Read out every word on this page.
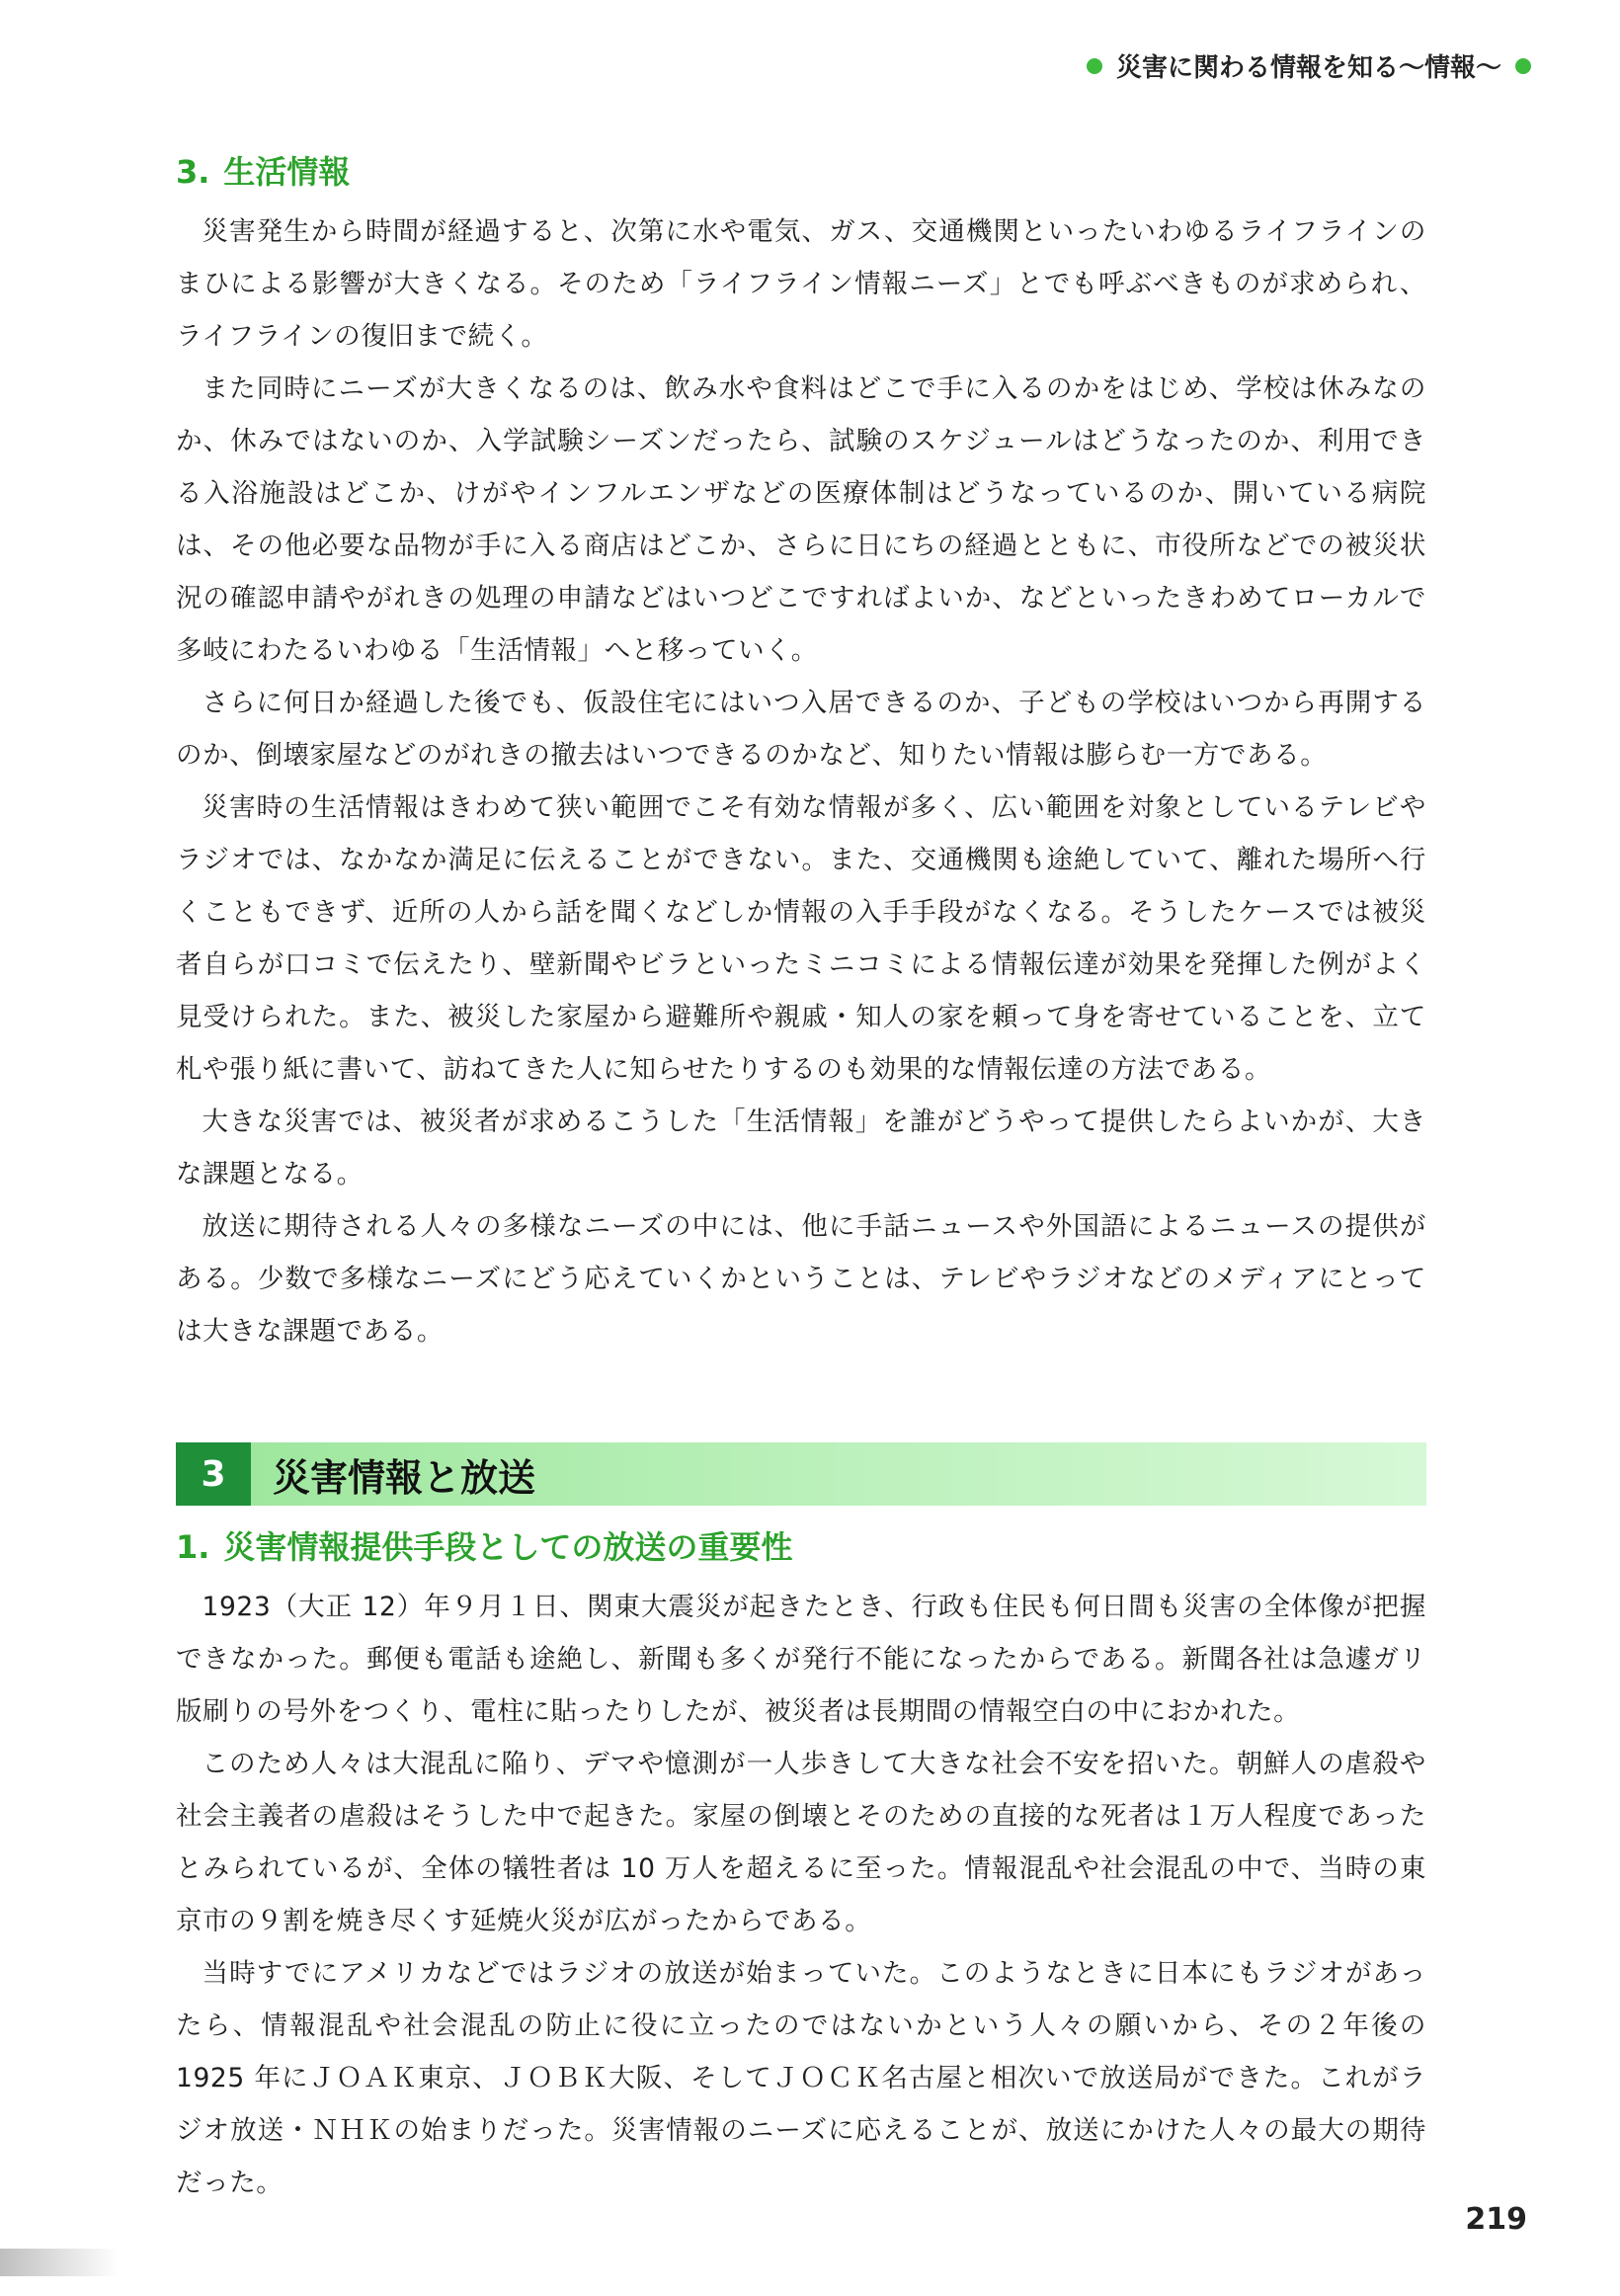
災害に関わる情報を知る～情報～
3. 生活情報

災害発生から時間が経過すると、次第に水や電気、ガス、交通機関といったいわゆるライフラインのまひによる影響が大きくなる。そのため「ライフライン情報ニーズ」とでも呼ぶべきものが求められ、ライフラインの復旧まで続く。

また同時にニーズが大きくなるのは、飲み水や食料はどこで手に入るのかをはじめ、学校は休みなのか、休みではないのか、入学試験シーズンだったら、試験のスケジュールはどうなったのか、利用できる入浴施設はどこか、けがやインフルエンザなどの医療体制はどうなっているのか、開いている病院は、その他必要な品物が手に入る商店はどこか、さらに日にちの経過とともに、市役所などでの被災状況の確認申請やがれきの処理の申請などはいつどこですればよいか、などといったきわめてローカルで多岐にわたるいわゆる「生活情報」へと移っていく。

さらに何日か経過した後でも、仮設住宅にはいつ入居できるのか、子どもの学校はいつから再開するのか、倒壊家屋などのがれきの撤去はいつできるのかなど、知りたい情報は膨らむ一方である。

災害時の生活情報はきわめて狭い範囲でこそ有効な情報が多く、広い範囲を対象としているテレビやラジオでは、なかなか満足に伝えることができない。また、交通機関も途絶していて、離れた場所へ行くこともできず、近所の人から話を聞くなどしか情報の入手手段がなくなる。そうしたケースでは被災者自らが口コミで伝えたり、壁新聞やビラといったミニコミによる情報伝達が効果を発揮した例がよく見受けられた。また、被災した家屋から避難所や親戚・知人の家を頼って身を寄せていることを、立て札や張り紙に書いて、訪ねてきた人に知らせたりするのも効果的な情報伝達の方法である。

大きな災害では、被災者が求めるこうした「生活情報」を誰がどうやって提供したらよいかが、大きな課題となる。

放送に期待される人々の多様なニーズの中には、他に手話ニュースや外国語によるニュースの提供がある。少数で多様なニーズにどう応えていくかということは、テレビやラジオなどのメディアにとっては大きな課題である。

3	災害情報と放送
1. 災害情報提供手段としての放送の重要性

1923（大正 12）年９月１日、関東大震災が起きたとき、行政も住民も何日間も災害の全体像が把握できなかった。郵便も電話も途絶し、新聞も多くが発行不能になったからである。新聞各社は急遽ガリ版刷りの号外をつくり、電柱に貼ったりしたが、被災者は長期間の情報空白の中におかれた。

このため人々は大混乱に陥り、デマや憶測が一人歩きして大きな社会不安を招いた。朝鮮人の虐殺や社会主義者の虐殺はそうした中で起きた。家屋の倒壊とそのための直接的な死者は１万人程度であったとみられているが、全体の犠牲者は 10 万人を超えるに至った。情報混乱や社会混乱の中で、当時の東京市の９割を焼き尽くす延焼火災が広がったからである。

当時すでにアメリカなどではラジオの放送が始まっていた。このようなときに日本にもラジオがあったら、情報混乱や社会混乱の防止に役に立ったのではないかという人々の願いから、その２年後の 1925 年にＪＯＡＫ東京、ＪＯＢＫ大阪、そしてＪＯＣＫ名古屋と相次いで放送局ができた。これがラジオ放送・ＮＨＫの始まりだった。災害情報のニーズに応えることが、放送にかけた人々の最大の期待だった。

219
